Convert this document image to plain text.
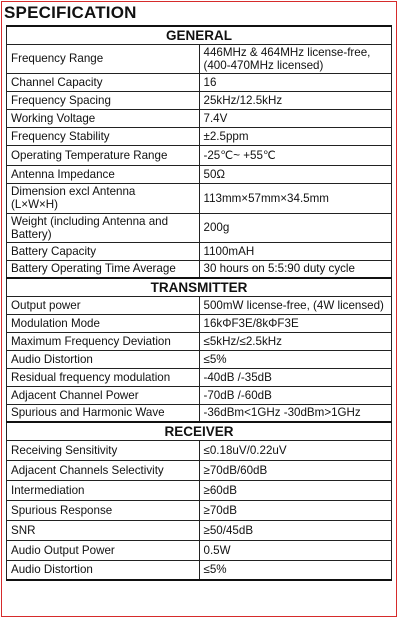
SPECIFICATION
GENERAL	
Frequency Range	446MHz & 464MHz license-free,
(400-470MHz licensed)
Channel Capacity	16
Frequency Spacing	25kHz/12.5kHz
Working Voltage	7.4V
Frequency Stability	±2.5ppm
Operating Temperature Range	-25℃~ +55℃
Antenna Impedance	50Ω
Dimension excl Antenna
(L×W×H)	113mm×57mm×34.5mm
Weight (including Antenna and
Battery)	200g
Battery Capacity	1100mAH
Battery Operating Time Average	30 hours on 5:5:90 duty cycle
TRANSMITTER	
Output power	500mW license-free, (4W licensed)
Modulation Mode	16kΦF3E/8kΦF3E
Maximum Frequency Deviation	≤5kHz/≤2.5kHz
Audio Distortion	≤5%
Residual frequency modulation	-40dB /-35dB
Adjacent Channel Power	-70dB /-60dB
Spurious and Harmonic Wave	-36dBm<1GHz -30dBm>1GHz
RECEIVER	
Receiving Sensitivity	≤0.18uV/0.22uV
Adjacent Channels Selectivity	≥70dB/60dB
Intermediation	≥60dB
Spurious Response	≥70dB
SNR	≥50/45dB
Audio Output Power	0.5W
Audio Distortion	≤5%
